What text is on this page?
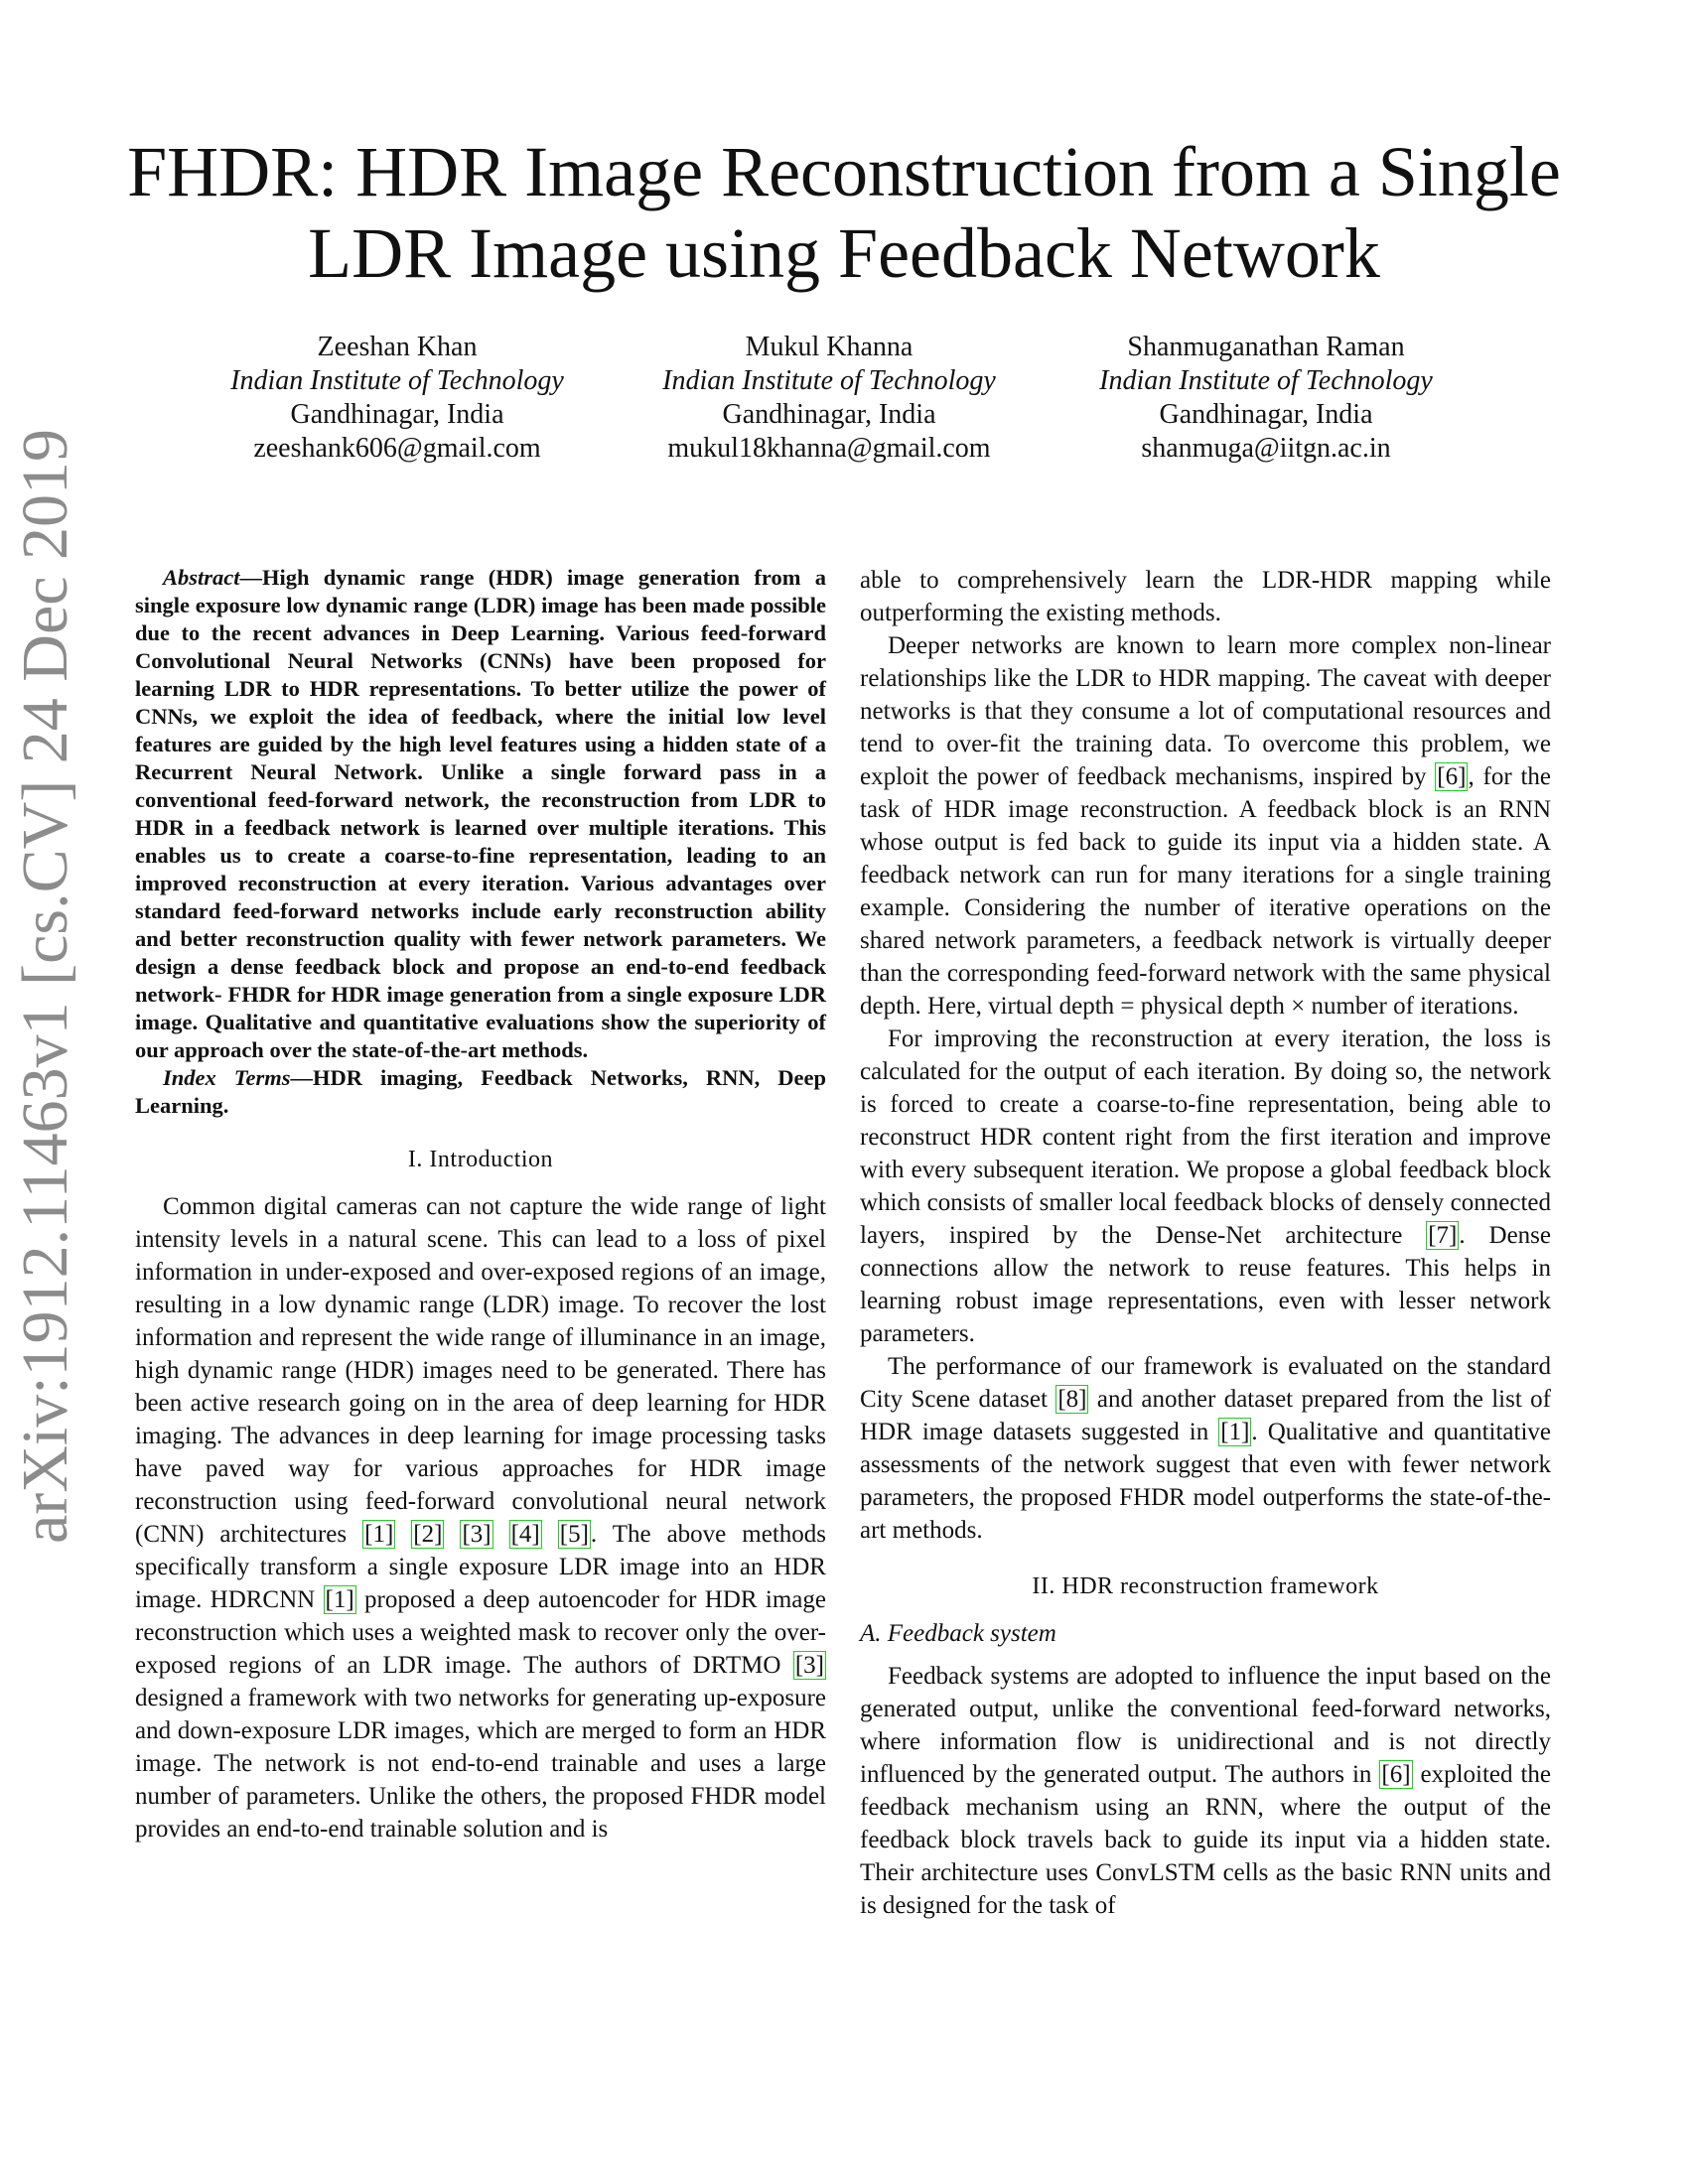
arXiv:1912.11463v1 [cs.CV] 24 Dec 2019
FHDR: HDR Image Reconstruction from a Single
LDR Image using Feedback Network
Zeeshan Khan
Indian Institute of Technology
Gandhinagar, India
zeeshank606@gmail.com
Mukul Khanna
Indian Institute of Technology
Gandhinagar, India
mukul18khanna@gmail.com
Shanmuganathan Raman
Indian Institute of Technology
Gandhinagar, India
shanmuga@iitgn.ac.in

Abstract—High dynamic range (HDR) image generation from a single exposure low dynamic range (LDR) image has been made possible due to the recent advances in Deep Learning. Various feed-forward Convolutional Neural Networks (CNNs) have been proposed for learning LDR to HDR representations. To better utilize the power of CNNs, we exploit the idea of feedback, where the initial low level features are guided by the high level features using a hidden state of a Recurrent Neural Network. Unlike a single forward pass in a conventional feed-forward network, the reconstruction from LDR to HDR in a feedback network is learned over multiple iterations. This enables us to create a coarse-to-fine representation, leading to an improved reconstruction at every iteration. Various advantages over standard feed-forward networks include early reconstruction ability and better reconstruction quality with fewer network parameters. We design a dense feedback block and propose an end-to-end feedback network- FHDR for HDR image generation from a single exposure LDR image. Qualitative and quantitative evaluations show the superiority of our approach over the state-of-the-art methods.

Index Terms—HDR imaging, Feedback Networks, RNN, Deep Learning.

I. Introduction

Common digital cameras can not capture the wide range of light intensity levels in a natural scene. This can lead to a loss of pixel information in under-exposed and over-exposed regions of an image, resulting in a low dynamic range (LDR) image. To recover the lost information and represent the wide range of illuminance in an image, high dynamic range (HDR) images need to be generated. There has been active research going on in the area of deep learning for HDR imaging. The advances in deep learning for image processing tasks have paved way for various approaches for HDR image reconstruction using feed-forward convolutional neural network (CNN) architectures [1] [2] [3] [4] [5]. The above methods specifically transform a single exposure LDR image into an HDR image. HDRCNN [1] proposed a deep autoencoder for HDR image reconstruction which uses a weighted mask to recover only the over-exposed regions of an LDR image. The authors of DRTMO [3] designed a framework with two networks for generating up-exposure and down-exposure LDR images, which are merged to form an HDR image. The network is not end-to-end trainable and uses a large number of parameters. Unlike the others, the proposed FHDR model provides an end-to-end trainable solution and is

able to comprehensively learn the LDR-HDR mapping while outperforming the existing methods.

Deeper networks are known to learn more complex non-linear relationships like the LDR to HDR mapping. The caveat with deeper networks is that they consume a lot of computational resources and tend to over-fit the training data. To overcome this problem, we exploit the power of feedback mechanisms, inspired by [6], for the task of HDR image reconstruction. A feedback block is an RNN whose output is fed back to guide its input via a hidden state. A feedback network can run for many iterations for a single training example. Considering the number of iterative operations on the shared network parameters, a feedback network is virtually deeper than the corresponding feed-forward network with the same physical depth. Here, virtual depth = physical depth × number of iterations.

For improving the reconstruction at every iteration, the loss is calculated for the output of each iteration. By doing so, the network is forced to create a coarse-to-fine representation, being able to reconstruct HDR content right from the first iteration and improve with every subsequent iteration. We propose a global feedback block which consists of smaller local feedback blocks of densely connected layers, inspired by the Dense-Net architecture [7]. Dense connections allow the network to reuse features. This helps in learning robust image representations, even with lesser network parameters.

The performance of our framework is evaluated on the standard City Scene dataset [8] and another dataset prepared from the list of HDR image datasets suggested in [1]. Qualitative and quantitative assessments of the network suggest that even with fewer network parameters, the proposed FHDR model outperforms the state-of-the-art methods.

II. HDR reconstruction framework
A. Feedback system

Feedback systems are adopted to influence the input based on the generated output, unlike the conventional feed-forward networks, where information flow is unidirectional and is not directly influenced by the generated output. The authors in [6] exploited the feedback mechanism using an RNN, where the output of the feedback block travels back to guide its input via a hidden state. Their architecture uses ConvLSTM cells as the basic RNN units and is designed for the task of
